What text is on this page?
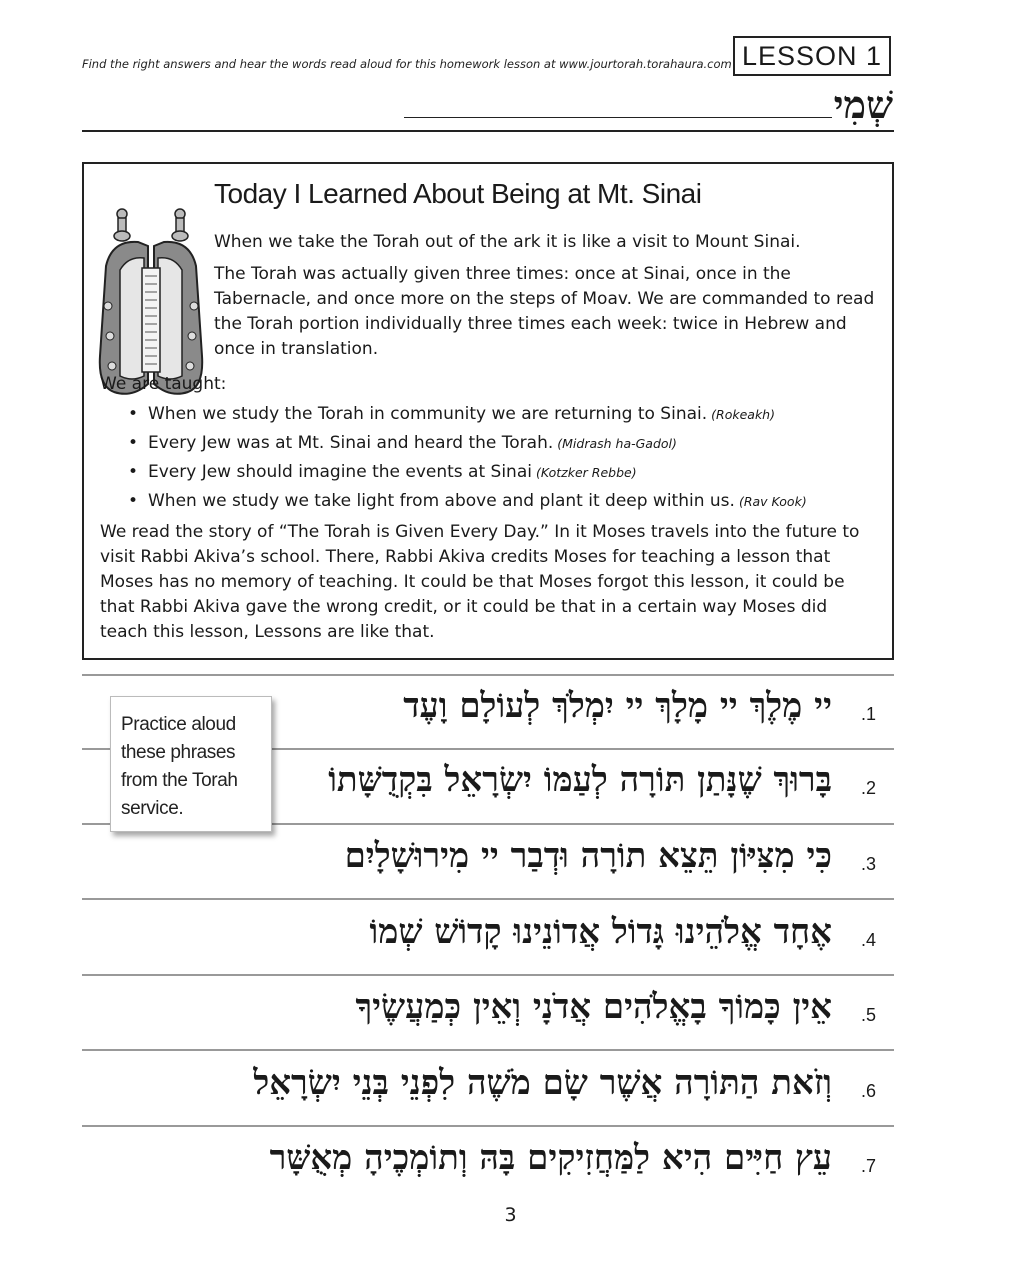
Find the right answers and hear the words read aloud for this homework lesson at www.jourtorah.torahaura.com LESSON 1
שְׁמִי
Today I Learned About Being at Mt. Sinai
When we take the Torah out of the ark it is like a visit to Mount Sinai.
The Torah was actually given three times: once at Sinai, once in the Tabernacle, and once more on the steps of Moav. We are commanded to read the Torah portion individually three times each week: twice in Hebrew and once in translation.
We are taught:
• When we study the Torah in community we are returning to Sinai. (Rokeakh)
• Every Jew was at Mt. Sinai and heard the Torah. (Midrash ha-Gadol)
• Every Jew should imagine the events at Sinai (Kotzker Rebbe)
• When we study we take light from above and plant it deep within us. (Rav Kook)
We read the story of “The Torah is Given Every Day.” In it Moses travels into the future to visit Rabbi Akiva’s school. There, Rabbi Akiva credits Moses for teaching a lesson that Moses has no memory of teaching. It could be that Moses forgot this lesson, it could be that Rabbi Akiva gave the wrong credit, or it could be that in a certain way Moses did teach this lesson, Lessons are like that.
יי מֶלֶךְ יי מָלָךְ יי יִמְלֹךְ לְעוֹלָם וָעֶד .1
בָּרוּךְ שֶׁנָּתַן תּוֹרָה לְעַמּוֹ יִשְׂרָאֵל בִּקְדֻשָּׁתוֹ .2
כִּי מִצִּיּוֹן תֵּצֵא תוֹרָה וּדְבַר יי מִירוּשָׁלָיִם .3
אֶחָד אֱלֹהֵינוּ גָּדוֹל אֲדוֹנֵינוּ קָדוֹשׁ שְׁמוֹ .4
אֵין כָּמוֹךָ בָאֱלֹהִים אֲדֹנָי וְאֵין כְּמַעֲשֶׂיךָ .5
וְזֹאת הַתּוֹרָה אֲשֶׁר שָׂם מֹשֶׁה לִפְנֵי בְּנֵי יִשְׂרָאֵל .6
עֵץ חַיִּים הִיא לַמַּחֲזִיקִים בָּהּ וְתוֹמְכֶיהָ מְאֻשָּׁר .7
Practice aloud these phrases from the Torah service.
3
